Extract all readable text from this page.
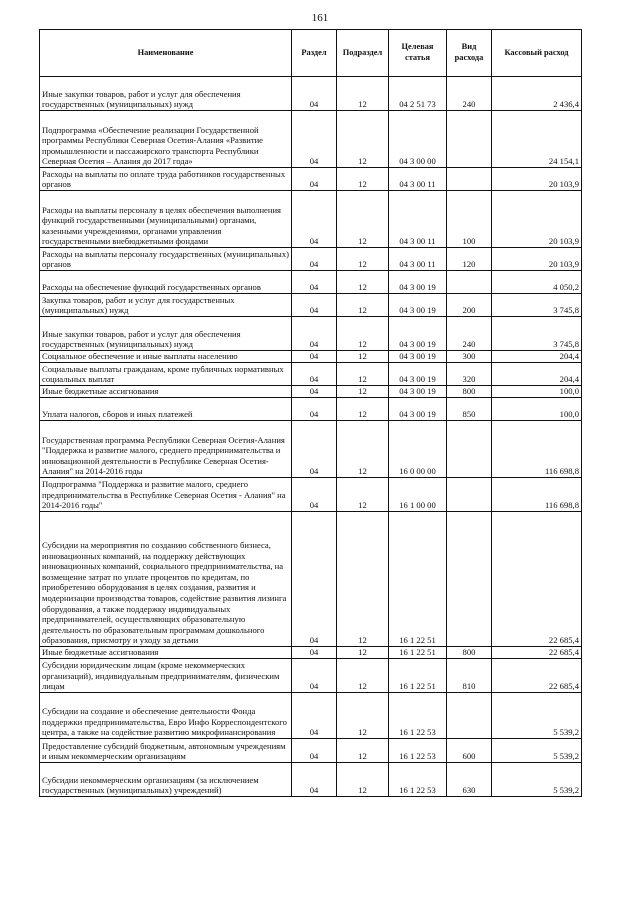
161
Наименование	Раздел	Подраздел	Целевая статья	Вид расхода	Кассовый расход
Иные закупки товаров, работ и услуг для обеспечения государственных (муниципальных) нужд	04	12	04 2 51 73	240	2 436,4
Подпрограмма «Обеспечение реализации Государственной программы Республики Северная Осетия-Алания «Развитие промышленности и пассажирского транспорта Республики Северная Осетия – Алания до 2017 года»	04	12	04 3 00 00		24 154,1
Расходы на выплаты по оплате труда работников государственных органов	04	12	04 3 00 11		20 103,9
Расходы на выплаты персоналу в целях обеспечения выполнения функций государственными (муниципальными) органами, казенными учреждениями, органами управления государственными внебюджетными фондами	04	12	04 3 00 11	100	20 103,9
Расходы на выплаты персоналу государственных (муниципальных) органов	04	12	04 3 00 11	120	20 103,9
Расходы на обеспечение функций государственных органов	04	12	04 3 00 19		4 050,2
Закупка товаров, работ и услуг для государственных (муниципальных) нужд	04	12	04 3 00 19	200	3 745,8
Иные закупки товаров, работ и услуг для обеспечения государственных (муниципальных) нужд	04	12	04 3 00 19	240	3 745,8
Социальное обеспечение и иные выплаты населению	04	12	04 3 00 19	300	204,4
Социальные выплаты гражданам, кроме публичных нормативных социальных выплат	04	12	04 3 00 19	320	204,4
Иные бюджетные ассигнования	04	12	04 3 00 19	800	100,0
Уплата налогов, сборов и иных платежей	04	12	04 3 00 19	850	100,0
Государственная программа Республики Северная Осетия-Алания "Поддержка и развитие малого, среднего предпринимательства и инновационной деятельности в Республике Северная Осетия-Алания" на 2014-2016 годы	04	12	16 0 00 00		116 698,8
Подпрограмма "Поддержка и развитие малого, среднего предпринимательства в Республике Северная Осетия - Алания" на 2014-2016 годы"	04	12	16 1 00 00		116 698,8
Субсидии на мероприятия по созданию собственного бизнеса, инновационных компаний, на поддержку действующих инновационных компаний, социального предпринимательства, на возмещение затрат по уплате процентов по кредитам, по приобретению оборудования в целях создания, развития и модернизации производства товаров, содействие развития лизинга оборудования, а также поддержку индивидуальных предпринимателей, осуществляющих образовательную деятельность по образовательным программам дошкольного образования, присмотру и уходу за детьми	04	12	16 1 22 51		22 685,4
Иные бюджетные ассигнования	04	12	16 1 22 51	800	22 685,4
Субсидии юридическим лицам (кроме некоммерческих организаций), индивидуальным предпринимателям, физическим лицам	04	12	16 1 22 51	810	22 685,4
Субсидии на создание и обеспечение деятельности Фонда поддержки предпринимательства, Евро Инфо Корреспондентского центра, а также на содействие развитию микрофинансирования	04	12	16 1 22 53		5 539,2
Предоставление субсидий бюджетным, автономным учреждениям и иным некоммерческим организациям	04	12	16 1 22 53	600	5 539,2
Субсидии некоммерческим организациям (за исключением государственных (муниципальных) учреждений)	04	12	16 1 22 53	630	5 539,2
